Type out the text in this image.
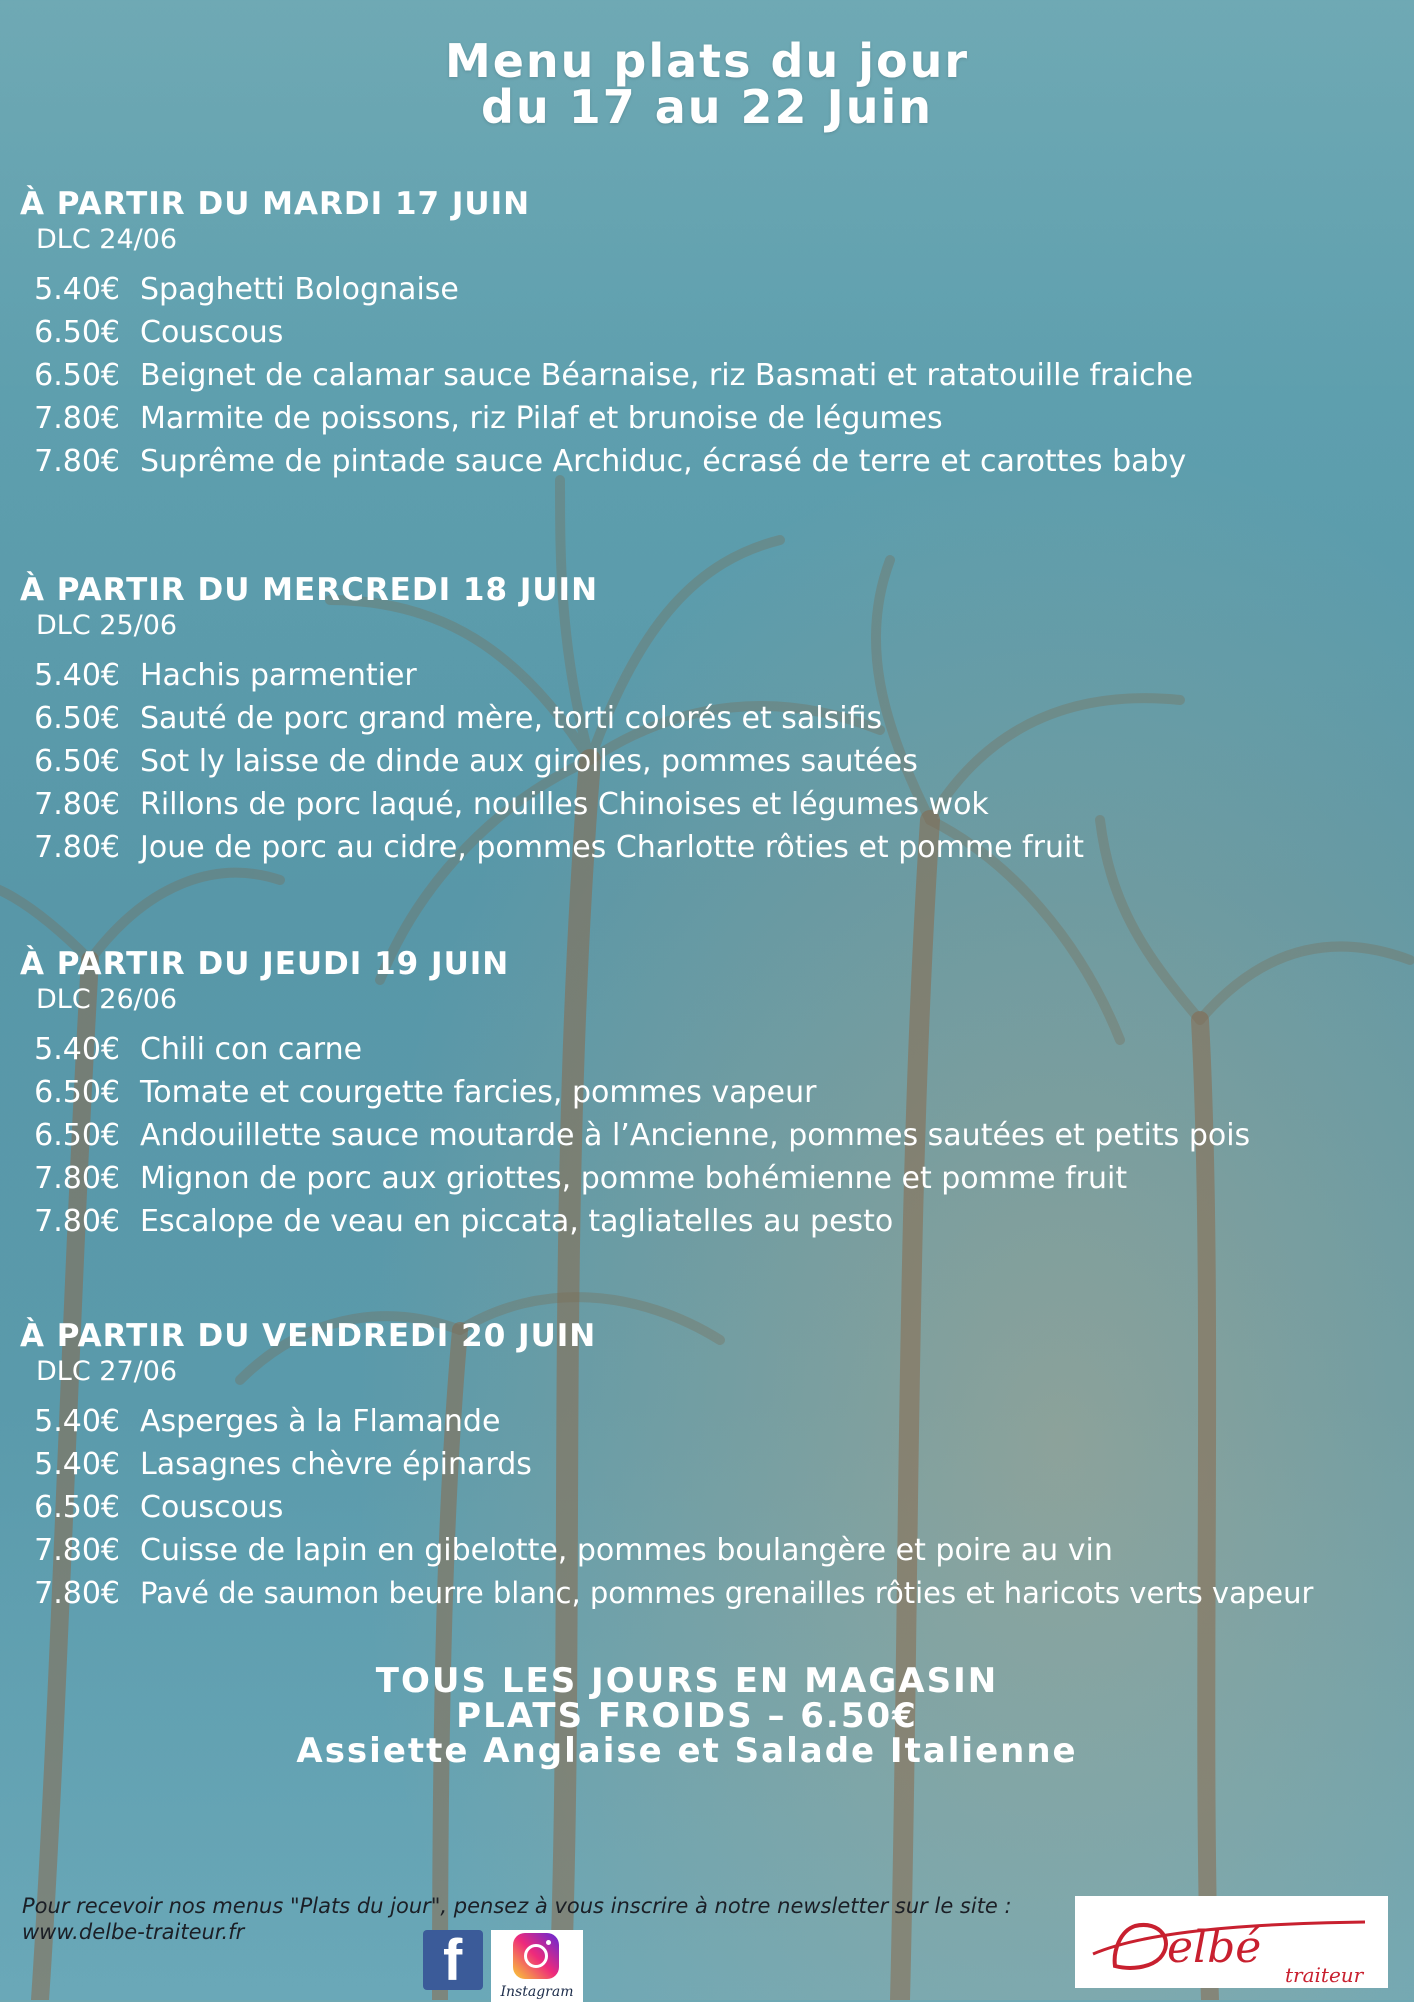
Menu plats du jour
du 17 au 22 Juin
À PARTIR DU MARDI 17 JUIN
DLC 24/06
5.40€ Spaghetti Bolognaise
6.50€ Couscous
6.50€ Beignet de calamar sauce Béarnaise, riz Basmati et ratatouille fraiche
7.80€ Marmite de poissons, riz Pilaf et brunoise de légumes
7.80€ Suprême de pintade sauce Archiduc, écrasé de terre et carottes baby
À PARTIR DU MERCREDI 18 JUIN
DLC 25/06
5.40€ Hachis parmentier
6.50€ Sauté de porc grand mère, torti colorés et salsifis
6.50€ Sot ly laisse de dinde aux girolles, pommes sautées
7.80€ Rillons de porc laqué, nouilles Chinoises et légumes wok
7.80€ Joue de porc au cidre, pommes Charlotte rôties et pomme fruit
À PARTIR DU JEUDI 19 JUIN
DLC 26/06
5.40€ Chili con carne
6.50€ Tomate et courgette farcies, pommes vapeur
6.50€ Andouillette sauce moutarde à l’Ancienne, pommes sautées et petits pois
7.80€ Mignon de porc aux griottes, pomme bohémienne et pomme fruit
7.80€ Escalope de veau en piccata, tagliatelles au pesto
À PARTIR DU VENDREDI 20 JUIN
DLC 27/06
5.40€ Asperges à la Flamande
5.40€ Lasagnes chèvre épinards
6.50€ Couscous
7.80€ Cuisse de lapin en gibelotte, pommes boulangère et poire au vin
7.80€ Pavé de saumon beurre blanc, pommes grenailles rôties et haricots verts vapeur
TOUS LES JOURS EN MAGASIN
PLATS FROIDS – 6.50€
Assiette Anglaise et Salade Italienne
Pour recevoir nos menus "Plats du jour", pensez à vous inscrire à notre newsletter sur le site : www.delbe-traiteur.fr	f	Instagram
elbé
traiteur
